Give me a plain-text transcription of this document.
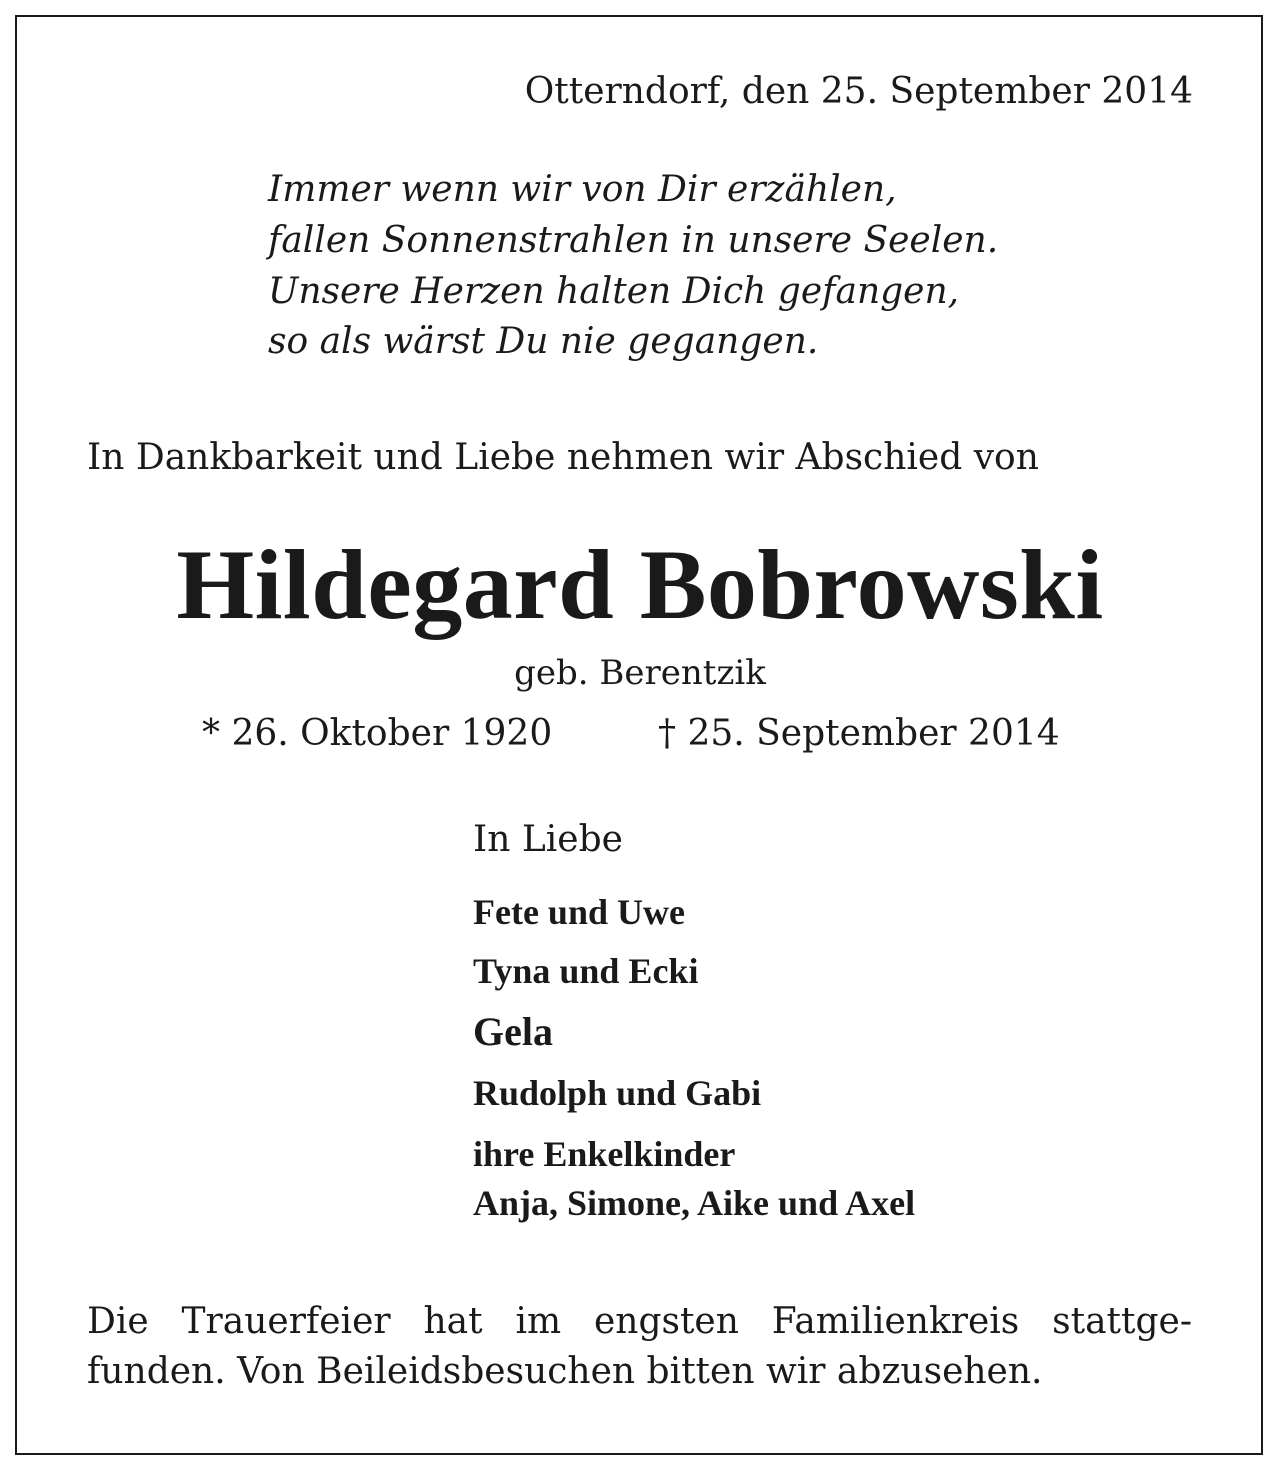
Otterndorf, den 25. September 2014

Immer wenn wir von Dir erzählen,

fallen Sonnenstrahlen in unsere Seelen.

Unsere Herzen halten Dich gefangen,

so als wärst Du nie gegangen.

In Dankbarkeit und Liebe nehmen wir Abschied von

Hildegard Bobrowski

geb. Berentzik

* 26. Oktober 1920	† 25. September 2014

In Liebe

Fete und Uwe

Tyna und Ecki

Gela

Rudolph und Gabi

ihre Enkelkinder

Anja, Simone, Aike und Axel

Die Trauerfeier hat im engsten Familienkreis stattge-

funden. Von Beileidsbesuchen bitten wir abzusehen.
